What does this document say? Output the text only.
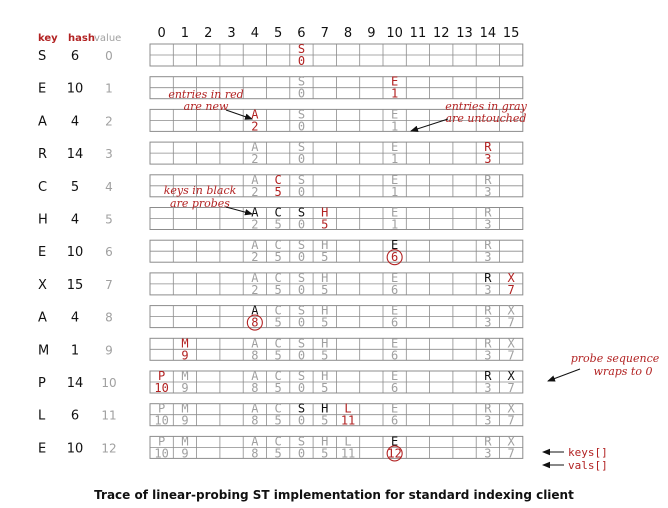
key hash value	0 1 2 3 4 5 6 7 8 9 10 11 12 13 14 15
S 6 0
E 10 1
A 4 2
R 14 3
C 5 4
H 4 5
E 10 6
X 15 7
A 4 8
M 1 9
P 14 10
L 6 11
E 10 12
S
0
S
0
E
1
A
2
S
0
E
1
A
2
S
0
E
1
R
3
A
2
C
5
S
0
E
1
R
3
A
2
C
5
S
0
H
5
E
1
R
3
A
2
C
5
S
0
H
5
E
6
R
3
A
2
C
5
S
0
H
5
E
6
R
3
X
7
A
8
C
5
S
0
H
5
E
6
R
3
X
7
M
9
A
8
C
5
S
0
H
5
E
6
R
3
X
7
P
10
M
9
A
8
C
5
S
0
H
5
E
6
R
3
X
7
P
10
M
9
A
8
C
5
S
0
H
5
L
11
E
6
R
3
X
7
P
10
M
9
A
8
C
5
S
0
H
5
L
11
E
12
R
3
X
7
entries in red
are new
keys in black
are probes
entries in gray
are untouched
probe sequence
wraps to 0
keys[]
vals[]
Trace of linear-probing ST implementation for standard indexing client
